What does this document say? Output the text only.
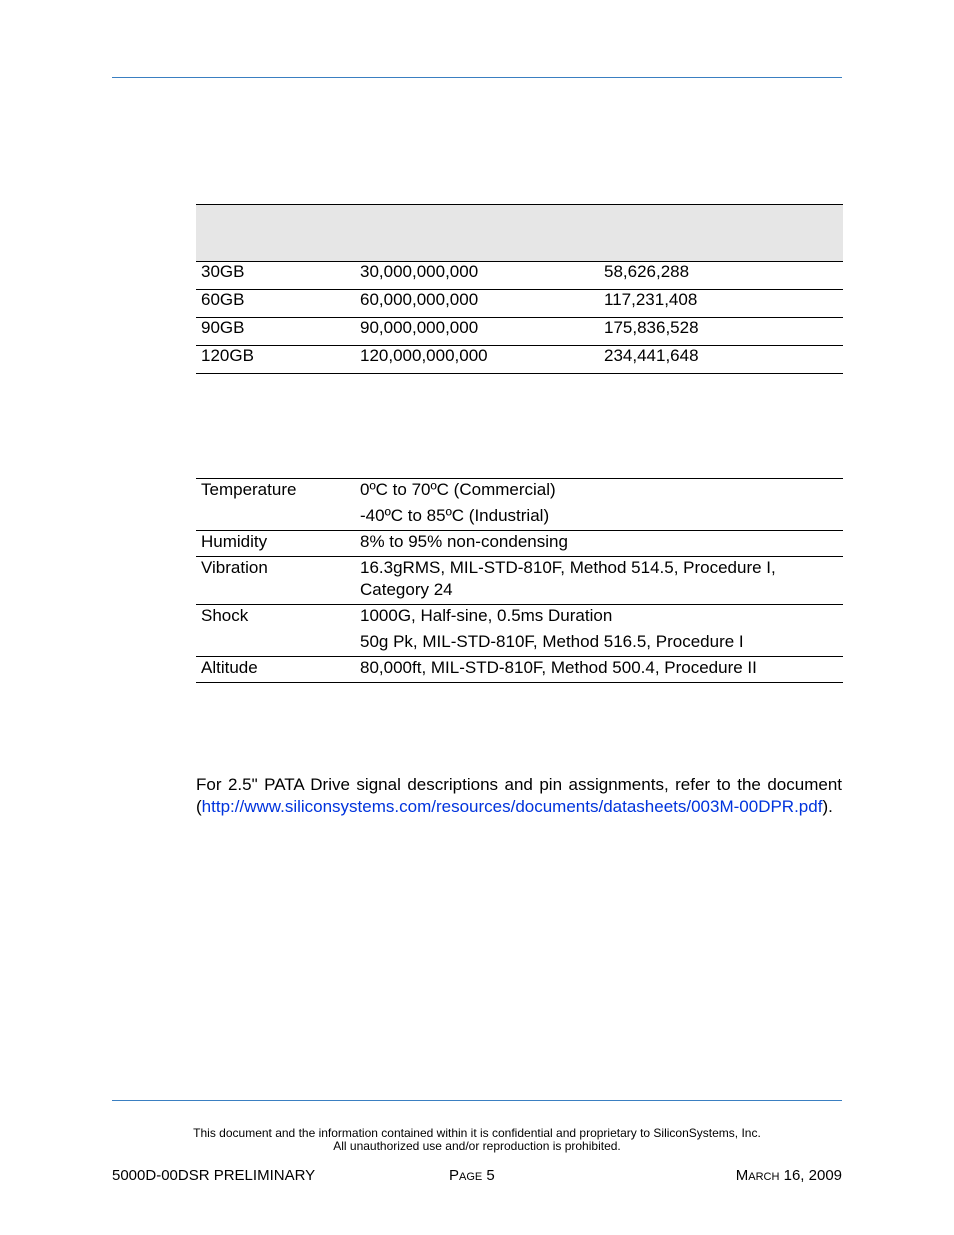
30GB	30,000,000,000	58,626,288
60GB	60,000,000,000	117,231,408
90GB	90,000,000,000	175,836,528
120GB	120,000,000,000	234,441,648
Temperature	0ºC to 70ºC (Commercial)
-40ºC to 85ºC (Industrial)

Humidity	8% to 95% non-condensing

Vibration	16.3gRMS, MIL-STD-810F, Method 514.5, Procedure I, Category 24

Shock	1000G, Half-sine, 0.5ms Duration
50g Pk, MIL-STD-810F, Method 516.5, Procedure I

Altitude	80,000ft, MIL-STD-810F, Method 500.4, Procedure II

For 2.5" PATA Drive signal descriptions and pin assignments, refer to the document (http://www.siliconsystems.com/resources/documents/datasheets/003M-00DPR.pdf).

This document and the information contained within it is confidential and proprietary to SiliconSystems, Inc.
All unauthorized use and/or reproduction is prohibited.
5000D-00DSR PRELIMINARY	PAGE 5	MARCH 16, 2009
